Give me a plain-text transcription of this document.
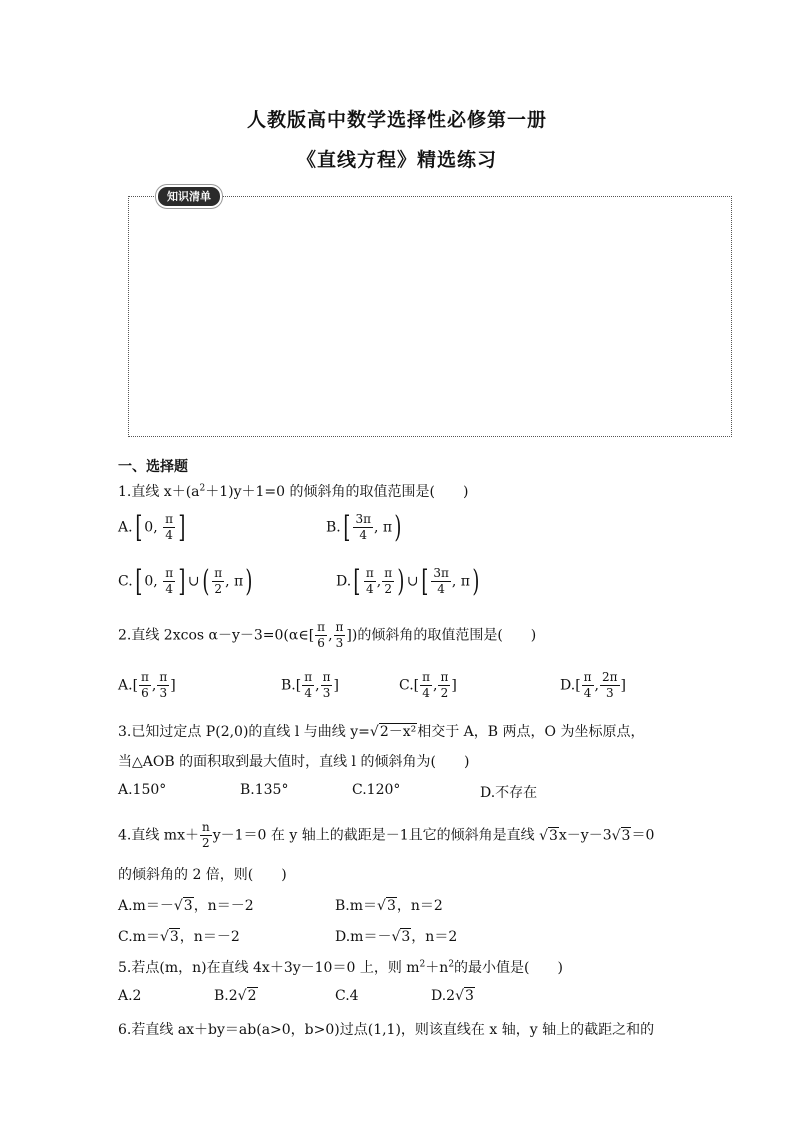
人教版高中数学选择性必修第一册
《直线方程》精选练习
知识清单
一、选择题
1.直线 $x+(a^2+1)y+1=0$ 的倾斜角的取值范围是( )
A.[ 0, $\frac{\pi}{4}$ ]	$B.[ \frac{3\pi}{4}$ , π)
C.[ 0, $\frac{\pi}{4}$ ] ∪( $\frac{\pi}{2}$ , π)	$D.[ \frac{\pi}{4}$ , $\frac{\pi}{2}$ ) ∪[ $\frac{3\pi}{4}$ , π)
2.直线 2xcos α－y－3=0(α∈[ $\frac{\pi}{6}$ , $\frac{\pi}{3}$ ])的倾斜角的取值范围是( )
$A.[ \frac{\pi}{6}$ , $\frac{\pi}{3}$ ]	$B.[ \frac{\pi}{4}$ , $\frac{\pi}{3}$ ]	$C.[ \frac{\pi}{4}$ , $\frac{\pi}{2}$ ]	$D.[ \frac{\pi}{4}$ , $\frac{2\pi}{3}$ ]
3.已知过定点 P(2,0)的直线 l 与曲线 y=√2－x²相交于 A，B 两点，O 为坐标原点，
当△AOB 的面积取到最大值时，直线 l 的倾斜角为( )
A.150°	B.135°	C.120°	D.不存在
4.直线 $mx+ \frac{n}{2} y-1=0$ 在 y 轴上的截距是－1且它的倾斜角是直线 √3x－y－3√3＝0
的倾斜角的 2 倍，则( )
A.m＝－√3，n＝－2	B.m＝√3，n＝2
C.m＝√3，n＝－2	D.m＝－√3，n＝2
5.若点(m，n)在直线 4x＋3y－10＝0 上，则 $m^2+n^2$的最小值是( )
A.2	B.2√2	C.4	D.2√3
6.若直线 ax＋by＝ab(a>0，b>0)过点(1,1)，则该直线在 x 轴，y 轴上的截距之和的
